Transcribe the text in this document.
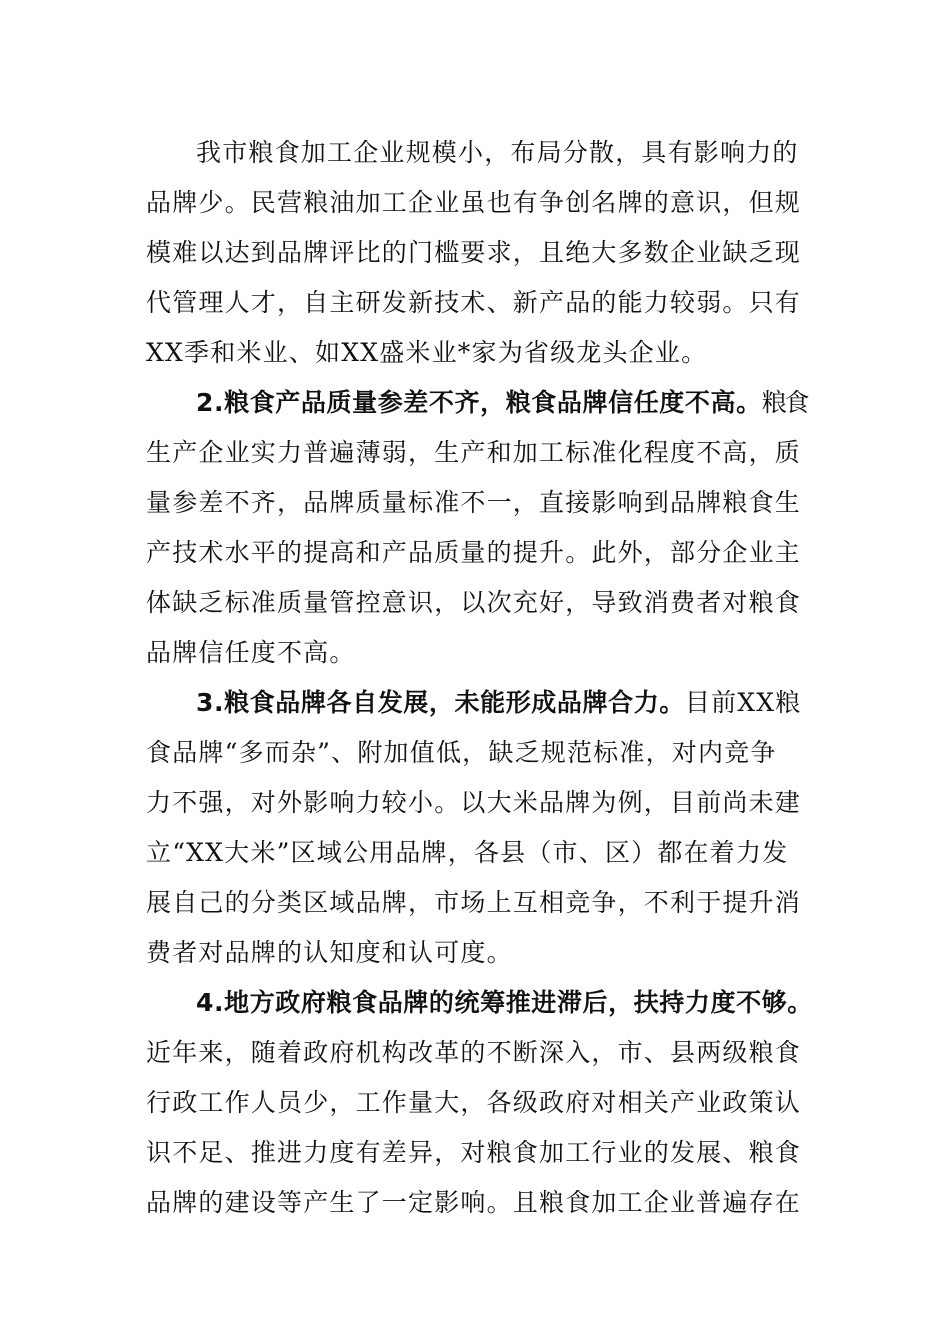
我市粮食加工企业规模小，布局分散，具有影响力的
品牌少。民营粮油加工企业虽也有争创名牌的意识，但规
模难以达到品牌评比的门槛要求，且绝大多数企业缺乏现
代管理人才，自主研发新技术、新产品的能力较弱。只有
XX季和米业、如XX盛米业*家为省级龙头企业。
2.粮食产品质量参差不齐，粮食品牌信任度不高。粮食
生产企业实力普遍薄弱，生产和加工标准化程度不高，质
量参差不齐，品牌质量标准不一，直接影响到品牌粮食生
产技术水平的提高和产品质量的提升。此外，部分企业主
体缺乏标准质量管控意识，以次充好，导致消费者对粮食
品牌信任度不高。
3.粮食品牌各自发展，未能形成品牌合力。目前XX粮
食品牌“多而杂”、附加值低，缺乏规范标准，对内竞争
力不强，对外影响力较小。以大米品牌为例，目前尚未建
立“XX大米”区域公用品牌，各县（市、区）都在着力发
展自己的分类区域品牌，市场上互相竞争，不利于提升消
费者对品牌的认知度和认可度。
4.地方政府粮食品牌的统筹推进滞后，扶持力度不够。
近年来，随着政府机构改革的不断深入，市、县两级粮食
行政工作人员少，工作量大，各级政府对相关产业政策认
识不足、推进力度有差异，对粮食加工行业的发展、粮食
品牌的建设等产生了一定影响。且粮食加工企业普遍存在
